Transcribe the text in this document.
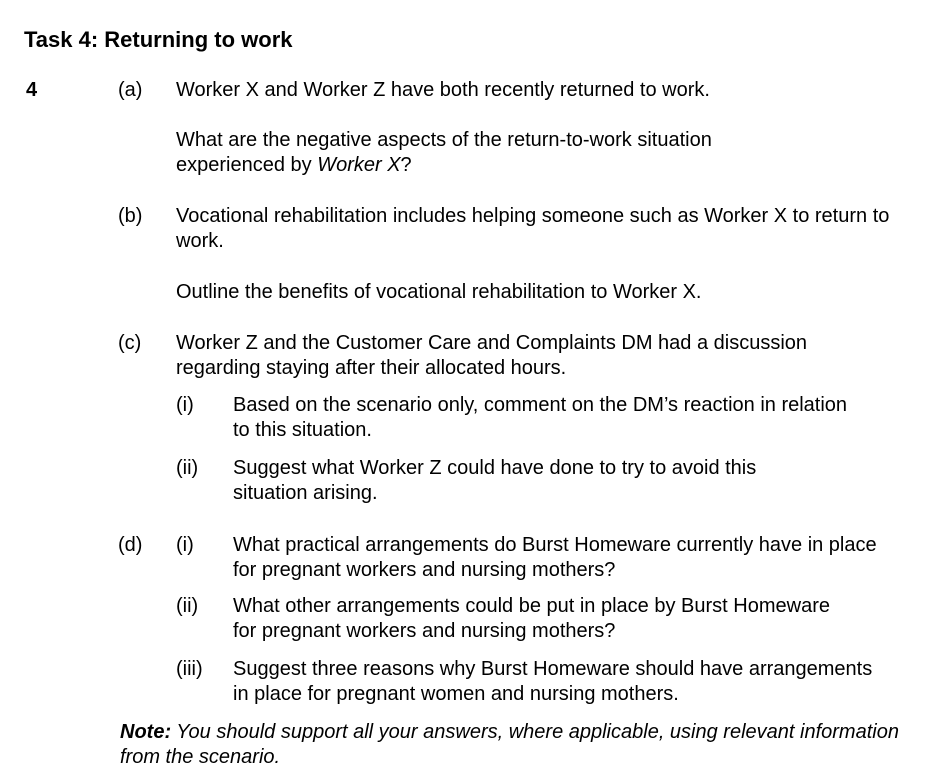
Task 4: Returning to work
4	(a) Worker X and Worker Z have both recently returned to work.
What are the negative aspects of the return-to-work situation experienced by Worker X?
(b) Vocational rehabilitation includes helping someone such as Worker X to return to work.
Outline the benefits of vocational rehabilitation to Worker X.
(c) Worker Z and the Customer Care and Complaints DM had a discussion regarding staying after their allocated hours.
(i) Based on the scenario only, comment on the DM’s reaction in relation to this situation.
(ii) Suggest what Worker Z could have done to try to avoid this situation arising.
(d) (i) What practical arrangements do Burst Homeware currently have in place for pregnant workers and nursing mothers?
(ii) What other arrangements could be put in place by Burst Homeware for pregnant workers and nursing mothers?
(iii) Suggest three reasons why Burst Homeware should have arrangements in place for pregnant women and nursing mothers.
Note: You should support all your answers, where applicable, using relevant information from the scenario.
